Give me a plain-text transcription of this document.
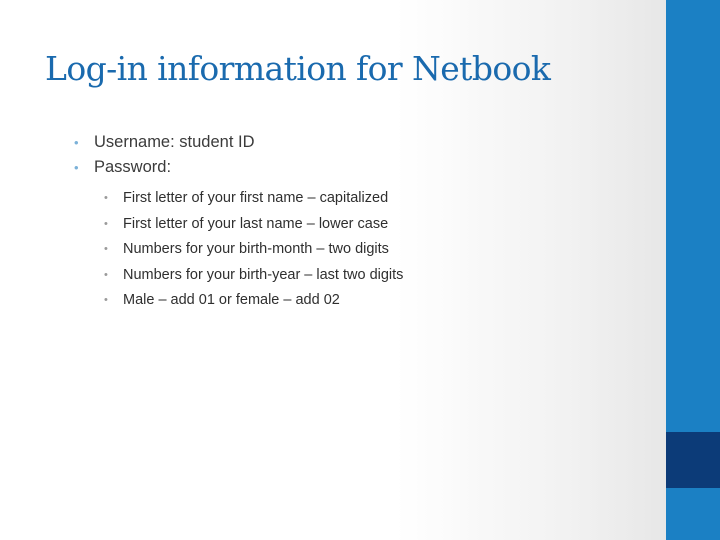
Log-in information for Netbook
• Username: student ID
• Password:
• First letter of your first name – capitalized
• First letter of your last name – lower case
• Numbers for your birth-month – two digits
• Numbers for your birth-year – last two digits
• Male – add 01 or female – add 02
